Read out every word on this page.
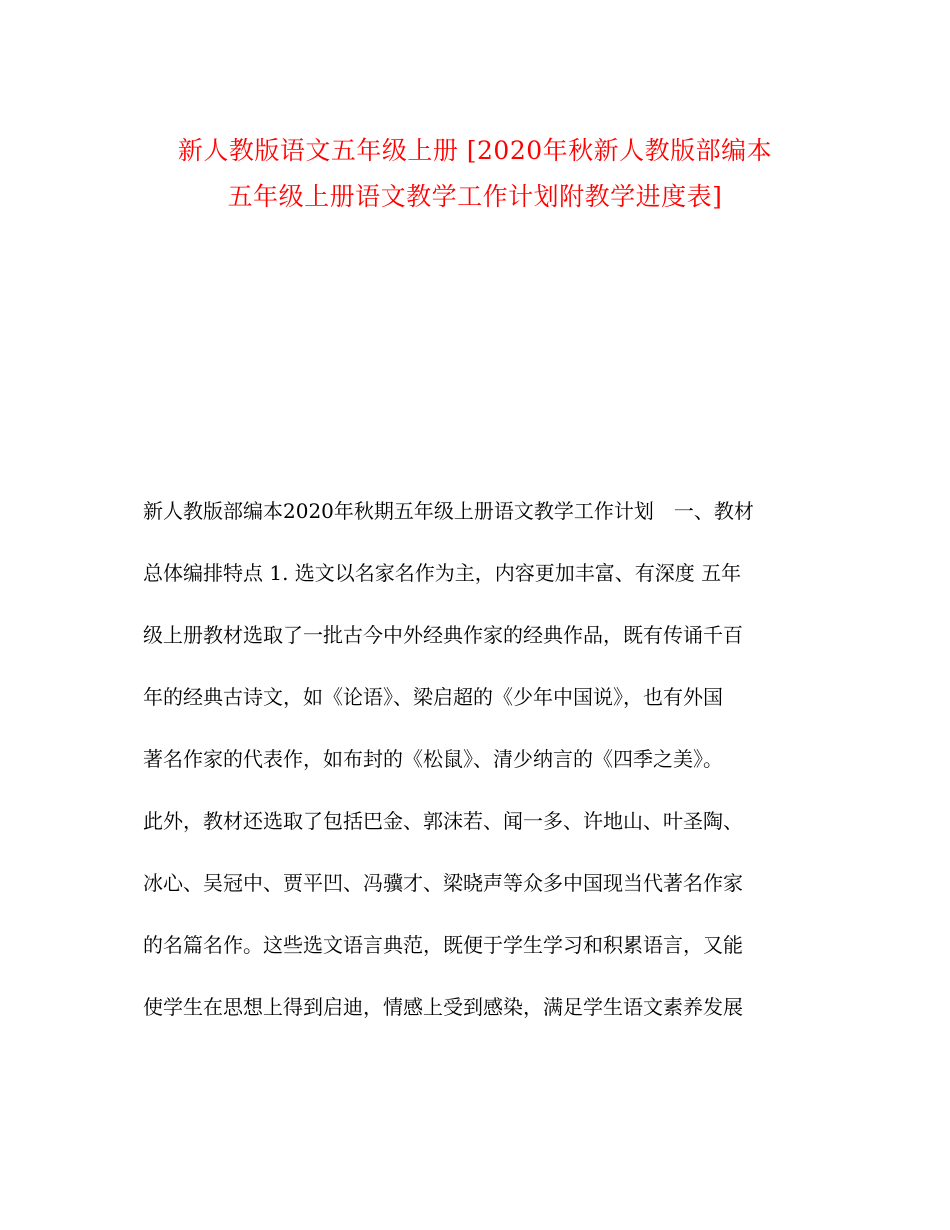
新人教版语文五年级上册 [2020年秋新人教版部编本
五年级上册语文教学工作计划附教学进度表]
新人教版部编本2020年秋期五年级上册语文教学工作计划　一、教材
总体编排特点 1. 选文以名家名作为主，内容更加丰富、有深度 五年
级上册教材选取了一批古今中外经典作家的经典作品，既有传诵千百
年的经典古诗文，如《论语》、梁启超的《少年中国说》，也有外国
著名作家的代表作，如布封的《松鼠》、清少纳言的《四季之美》。
此外，教材还选取了包括巴金、郭沫若、闻一多、许地山、叶圣陶、
冰心、吴冠中、贾平凹、冯骥才、梁晓声等众多中国现当代著名作家
的名篇名作。这些选文语言典范，既便于学生学习和积累语言，又能
使学生在思想上得到启迪，情感上受到感染，满足学生语文素养发展
